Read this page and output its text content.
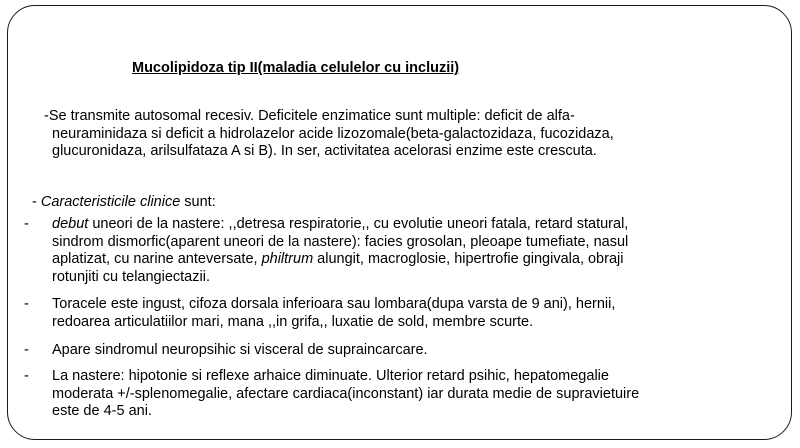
Mucolipidoza tip II(maladia celulelor cu incluzii)
-Se transmite autosomal recesiv. Deficitele enzimatice sunt multiple: deficit de alfa-
neuraminidaza si deficit a hidrolazelor acide lizozomale(beta-galactozidaza, fucozidaza,
glucuronidaza, arilsulfataza A si B). In ser, activitatea acelorasi enzime este crescuta.
- Caracteristicile clinice sunt:
- debut uneori de la nastere: ,,detresa respiratorie,, cu evolutie uneori fatala, retard statural,
sindrom dismorfic(aparent uneori de la nastere): facies grosolan, pleoape tumefiate, nasul
aplatizat, cu narine anteversate, philtrum alungit, macroglosie, hipertrofie gingivala, obraji
rotunjiti cu telangiectazii.
- Toracele este ingust, cifoza dorsala inferioara sau lombara(dupa varsta de 9 ani), hernii,
redoarea articulatiilor mari, mana ,,in grifa,, luxatie de sold, membre scurte.
- Apare sindromul neuropsihic si visceral de supraincarcare.
- La nastere: hipotonie si reflexe arhaice diminuate. Ulterior retard psihic, hepatomegalie
moderata +/-splenomegalie, afectare cardiaca(inconstant) iar durata medie de supravietuire
este de 4-5 ani.
